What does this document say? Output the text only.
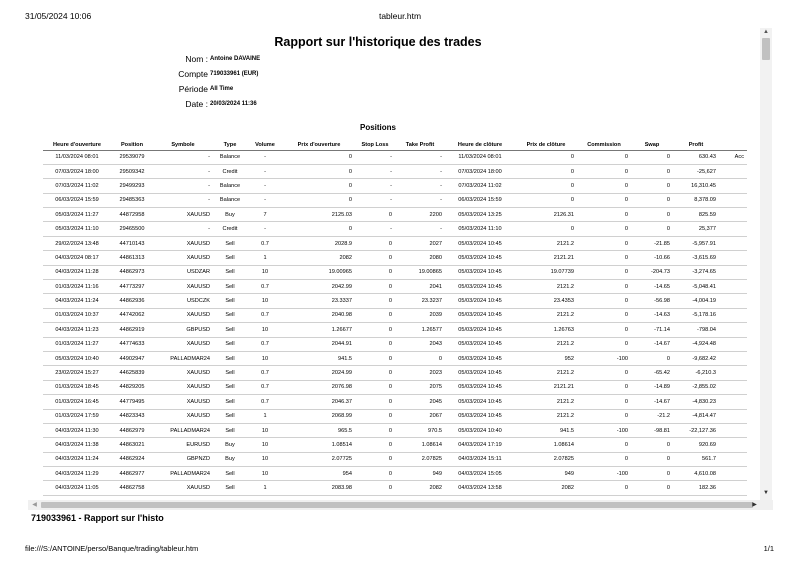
31/05/2024 10:06	tableur.htm
Rapport sur l'historique des trades
Nom : Antoine DAVAINE
Compte 719033961 (EUR)
Période All Time
Date : 20/03/2024 11:36
Positions
Heure d'ouverture	Position	Symbole	Type	Volume	Prix d'ouverture	Stop Loss	Take Profit	Heure de clôture	Prix de clôture	Commission	Swap	Profit	
11/03/2024 08:01	29539079	-	Balance	-	0	-	-	11/03/2024 08:01	0	0	0	630.43	Acc
07/03/2024 18:00	29509342	-	Credit	-	0	-	-	07/03/2024 18:00	0	0	0	-25,627	
07/03/2024 11:02	29499293	-	Balance	-	0	-	-	07/03/2024 11:02	0	0	0	16,310.45	
06/03/2024 15:59	29485363	-	Balance	-	0	-	-	06/03/2024 15:59	0	0	0	8,378.09	
05/03/2024 11:27	44872958	XAUUSD	Buy	7	2125.03	0	2200	05/03/2024 13:25	2126.31	0	0	825.59	
05/03/2024 11:10	29465500	-	Credit	-	0	-	-	05/03/2024 11:10	0	0	0	25,377	
29/02/2024 13:48	44710143	XAUUSD	Sell	0.7	2028.9	0	2027	05/03/2024 10:45	2121.2	0	-21.85	-5,957.91	
04/03/2024 08:17	44861313	XAUUSD	Sell	1	2082	0	2080	05/03/2024 10:45	2121.21	0	-10.66	-3,615.69	
04/03/2024 11:28	44862973	USDZAR	Sell	10	19.00965	0	19.00865	05/03/2024 10:45	19.07739	0	-204.73	-3,274.65	
01/03/2024 11:16	44773297	XAUUSD	Sell	0.7	2042.99	0	2041	05/03/2024 10:45	2121.2	0	-14.65	-5,048.41	
04/03/2024 11:24	44862936	USDCZK	Sell	10	23.3337	0	23.3237	05/03/2024 10:45	23.4353	0	-56.98	-4,004.19	
01/03/2024 10:37	44742062	XAUUSD	Sell	0.7	2040.98	0	2039	05/03/2024 10:45	2121.2	0	-14.63	-5,178.16	
04/03/2024 11:23	44862919	GBPUSD	Sell	10	1.26677	0	1.26577	05/03/2024 10:45	1.26763	0	-71.14	-798.04	
01/03/2024 11:27	44774633	XAUUSD	Sell	0.7	2044.91	0	2043	05/03/2024 10:45	2121.2	0	-14.67	-4,924.48	
05/03/2024 10:40	44902947	PALLADMAR24	Sell	10	941.5	0	0	05/03/2024 10:45	952	-100	0	-9,682.42	
23/02/2024 15:27	44625839	XAUUSD	Sell	0.7	2024.99	0	2023	05/03/2024 10:45	2121.2	0	-65.42	-6,210.3	
01/03/2024 18:45	44829205	XAUUSD	Sell	0.7	2076.98	0	2075	05/03/2024 10:45	2121.21	0	-14.89	-2,855.02	
01/03/2024 16:45	44779495	XAUUSD	Sell	0.7	2046.37	0	2045	05/03/2024 10:45	2121.2	0	-14.67	-4,830.23	
01/03/2024 17:59	44823343	XAUUSD	Sell	1	2068.99	0	2067	05/03/2024 10:45	2121.2	0	-21.2	-4,814.47	
04/03/2024 11:30	44862979	PALLADMAR24	Sell	10	965.5	0	970.5	05/03/2024 10:40	941.5	-100	-98.81	-22,127.36	
04/03/2024 11:38	44863021	EURUSD	Buy	10	1.08514	0	1.08614	04/03/2024 17:19	1.08614	0	0	920.69	
04/03/2024 11:24	44862924	GBPNZD	Buy	10	2.07725	0	2.07825	04/03/2024 15:11	2.07825	0	0	561.7	
04/03/2024 11:29	44862977	PALLADMAR24	Sell	10	954	0	949	04/03/2024 15:05	949	-100	0	4,610.08	
04/03/2024 11:05	44862758	XAUUSD	Sell	1	2083.98	0	2082	04/03/2024 13:58	2082	0	0	182.36	
▲
▼
◀	▶
719033961 - Rapport sur l'histo
file:///S:/ANTOINE/perso/Banque/trading/tableur.htm	1/1
